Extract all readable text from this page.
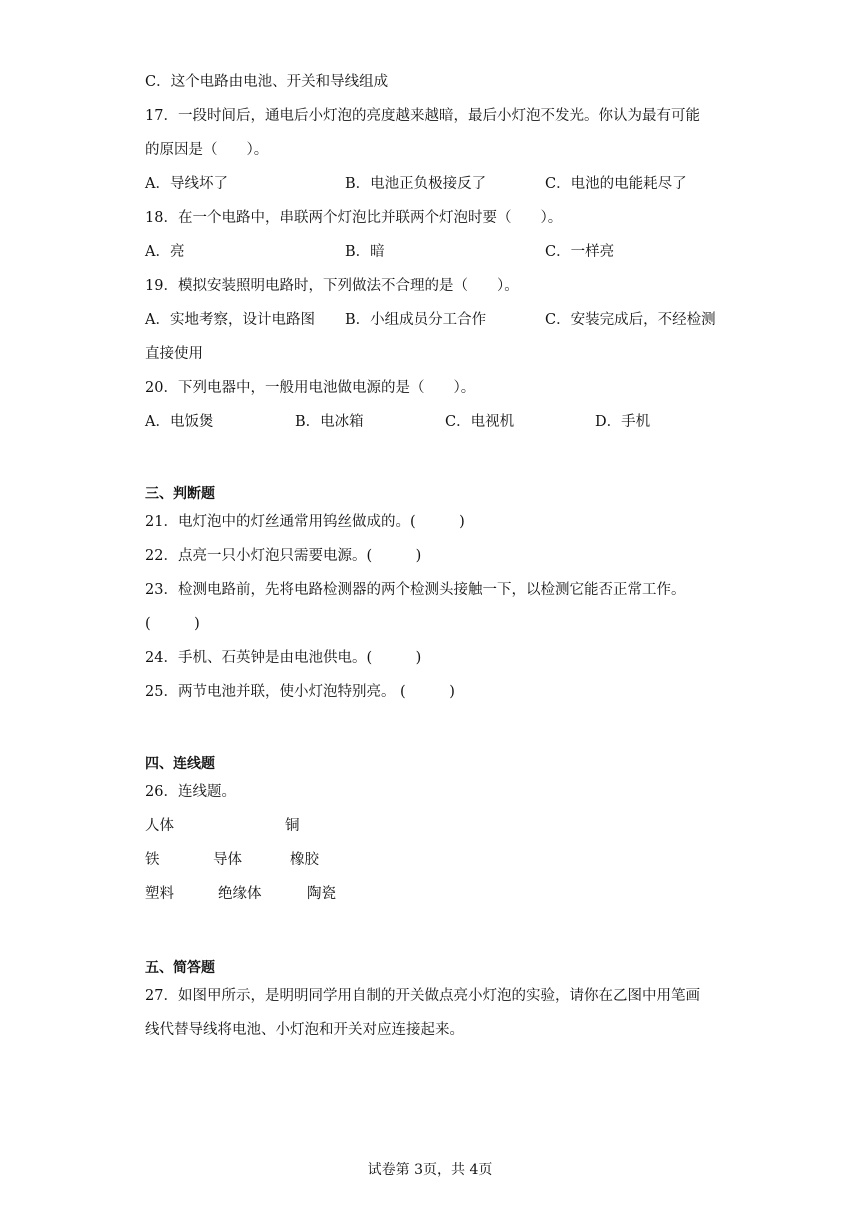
C．这个电路由电池、开关和导线组成
17．一段时间后，通电后小灯泡的亮度越来越暗，最后小灯泡不发光。你认为最有可能
的原因是（　　）。
A．导线坏了	B．电池正负极接反了	C．电池的电能耗尽了
18．在一个电路中，串联两个灯泡比并联两个灯泡时要（　　）。
A．亮	B．暗	C．一样亮
19．模拟安装照明电路时，下列做法不合理的是（　　）。
A．实地考察，设计电路图 B．小组成员分工合作	C．安装完成后，不经检测
直接使用
20．下列电器中，一般用电池做电源的是（　　）。
A．电饭煲	B．电冰箱	C．电视机	D．手机
三、判断题
21．电灯泡中的灯丝通常用钨丝做成的。(　　　)
22．点亮一只小灯泡只需要电源。(　　　)
23．检测电路前，先将电路检测器的两个检测头接触一下，以检测它能否正常工作。
(　　　)
24．手机、石英钟是由电池供电。(　　　)
25．两节电池并联，使小灯泡特别亮。 (　　　)
四、连线题
26．连线题。
人体	铜
铁	导体	橡胶
塑料	绝缘体	陶瓷
五、简答题
27．如图甲所示，是明明同学用自制的开关做点亮小灯泡的实验，请你在乙图中用笔画
线代替导线将电池、小灯泡和开关对应连接起来。
试卷第 3页，共 4页
